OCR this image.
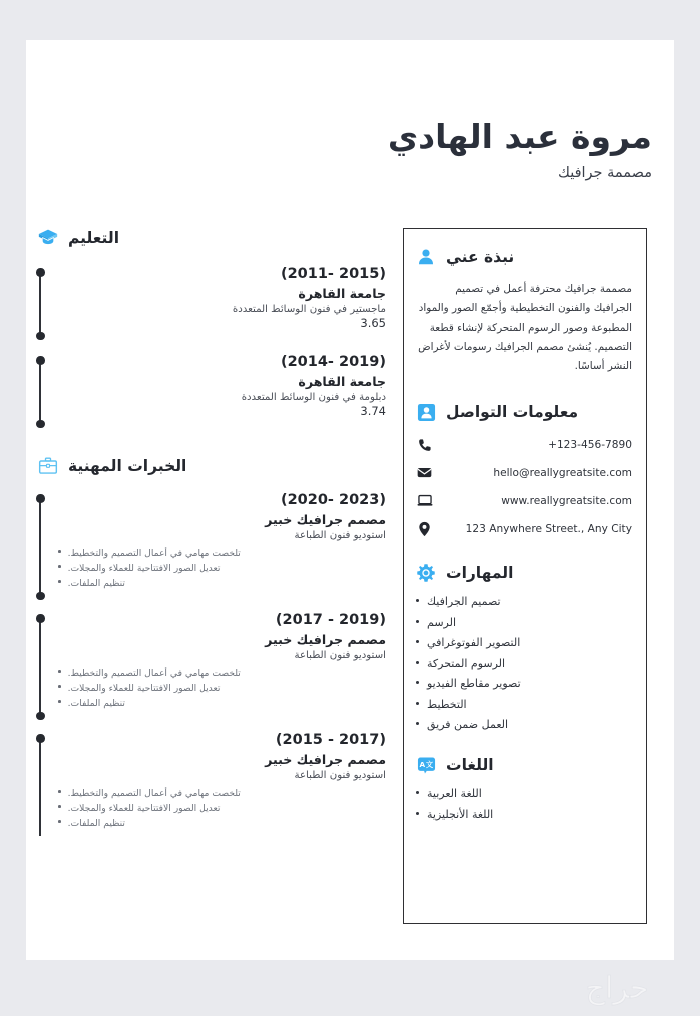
مروة عبد الهادي
مصممة جرافيك
التعليم
(2011- 2015)
جامعة القاهرة
ماجستير في فنون الوسائط المتعددة
3.65
(2014- 2019)
جامعة القاهرة
دبلومة في فنون الوسائط المتعددة
3.74
الخبرات المهنية
(2020- 2023)
مصمم جرافيك خبير
استوديو فنون الطباعة
تلخصت مهامي في أعمال التصميم والتخطيط.
تعديل الصور الافتتاحية للعملاء والمجلات.
تنظيم الملفات.
(2017 - 2019)
مصمم جرافيك خبير
استوديو فنون الطباعة
تلخصت مهامي في أعمال التصميم والتخطيط.
تعديل الصور الافتتاحية للعملاء والمجلات.
تنظيم الملفات.
(2015 - 2017)
مصمم جرافيك خبير
استوديو فنون الطباعة
تلخصت مهامي في أعمال التصميم والتخطيط.
تعديل الصور الافتتاحية للعملاء والمجلات.
تنظيم الملفات.
نبذة عني
مصممة جرافيك محترفة أعمل في تصميم الجرافيك والفنون التخطيطية وأجمّع الصور والمواد المطبوعة وصور الرسوم المتحركة لإنشاء قطعة التصميم. يُنشئ مصمم الجرافيك رسومات لأغراض النشر أساسًا.
معلومات التواصل
+123-456-7890
hello@reallygreatsite.com
www.reallygreatsite.com
123 Anywhere Street., Any City
المهارات
تصميم الجرافيك
الرسم
التصوير الفوتوغرافي
الرسوم المتحركة
تصوير مقاطع الفيديو
التخطيط
العمل ضمن فريق
A 文 اللغات
اللغة العربية
اللغة الأنجليزية
حراج
